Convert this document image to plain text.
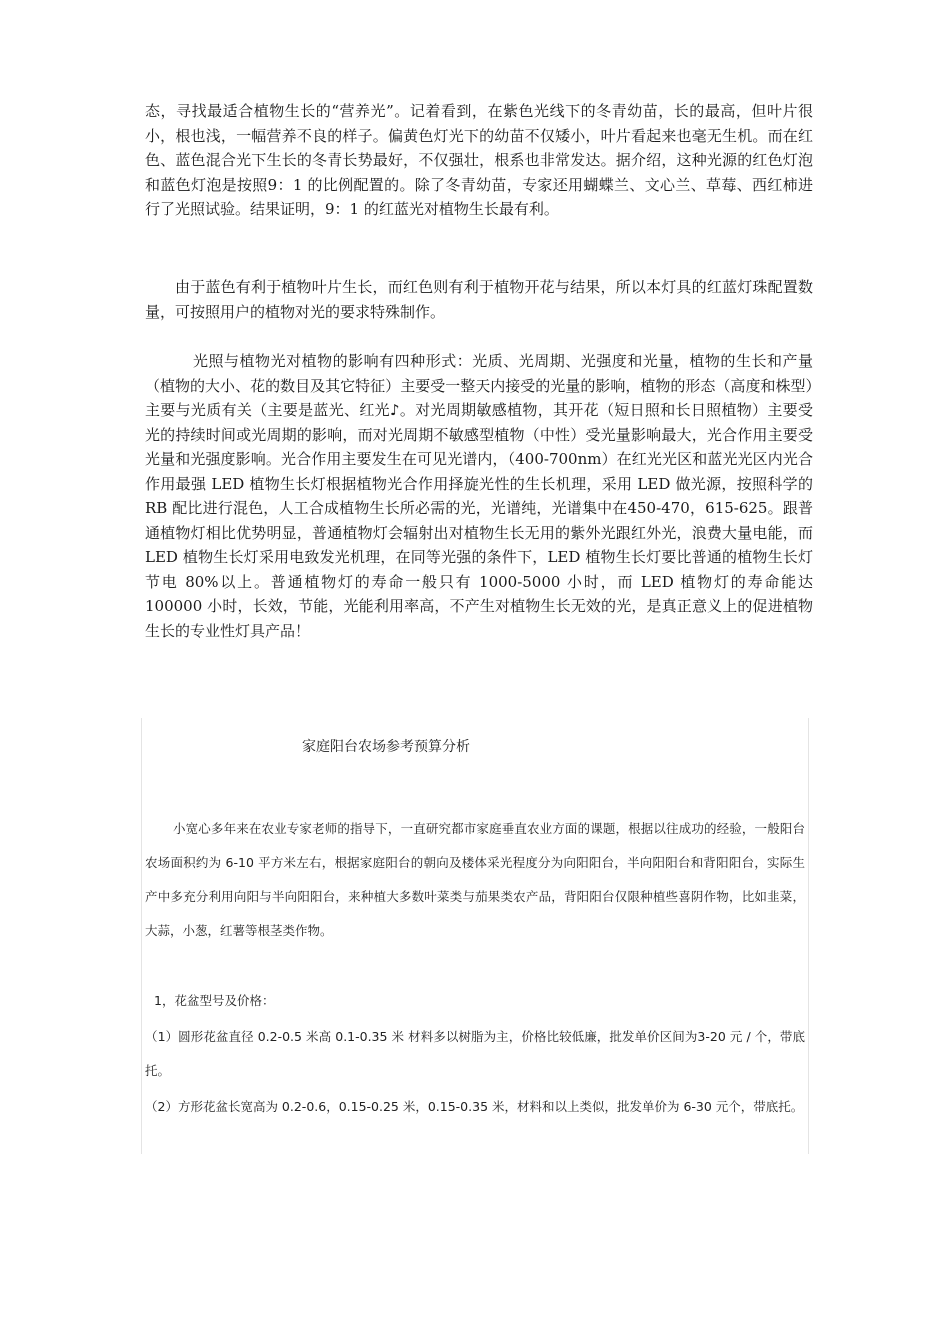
态，寻找最适合植物生长的“营养光”。记着看到，在紫色光线下的冬青幼苗，长的最高，但叶片很小，根也浅，一幅营养不良的样子。偏黄色灯光下的幼苗不仅矮小，叶片看起来也毫无生机。而在红色、蓝色混合光下生长的冬青长势最好，不仅强壮，根系也非常发达。据介绍，这种光源的红色灯泡和蓝色灯泡是按照9：1 的比例配置的。除了冬青幼苗，专家还用蝴蝶兰、文心兰、草莓、西红柿进行了光照试验。结果证明，9：1 的红蓝光对植物生长最有利。

由于蓝色有利于植物叶片生长，而红色则有利于植物开花与结果，所以本灯具的红蓝灯珠配置数量，可按照用户的植物对光的要求特殊制作。

光照与植物光对植物的影响有四种形式：光质、光周期、光强度和光量，植物的生长和产量（植物的大小、花的数目及其它特征）主要受一整天内接受的光量的影响，植物的形态（高度和株型）主要与光质有关（主要是蓝光、红光♪。对光周期敏感植物，其开花（短日照和长日照植物）主要受光的持续时间或光周期的影响，而对光周期不敏感型植物（中性）受光量影响最大，光合作用主要受光量和光强度影响。光合作用主要发生在可见光谱内，（400-700nm）在红光光区和蓝光光区内光合作用最强 LED 植物生长灯根据植物光合作用择旋光性的生长机理，采用 LED 做光源，按照科学的 RB 配比进行混色，人工合成植物生长所必需的光，光谱纯，光谱集中在450-470，615-625。跟普通植物灯相比优势明显，普通植物灯会辐射出对植物生长无用的紫外光跟红外光，浪费大量电能，而LED 植物生长灯采用电致发光机理，在同等光强的条件下，LED 植物生长灯要比普通的植物生长灯节电 80%以上。普通植物灯的寿命一般只有 1000-5000 小时，而 LED 植物灯的寿命能达 100000 小时，长效，节能，光能利用率高，不产生对植物生长无效的光，是真正意义上的促进植物生长的专业性灯具产品！

家庭阳台农场参考预算分析

小宽心多年来在农业专家老师的指导下，一直研究都市家庭垂直农业方面的课题，根据以往成功的经验，一般阳台农场面积约为 6-10 平方米左右，根据家庭阳台的朝向及楼体采光程度分为向阳阳台，半向阳阳台和背阳阳台，实际生产中多充分利用向阳与半向阳阳台，来种植大多数叶菜类与茄果类农产品，背阳阳台仅限种植些喜阴作物，比如韭菜，大蒜，小葱，红薯等根茎类作物。

1，花盆型号及价格：

（1）圆形花盆直径 0.2-0.5 米高 0.1-0.35 米 材料多以树脂为主，价格比较低廉，批发单价区间为3-20 元 / 个，带底托。

（2）方形花盆长宽高为 0.2-0.6，0.15-0.25 米，0.15-0.35 米，材料和以上类似，批发单价为 6-30 元个，带底托。
